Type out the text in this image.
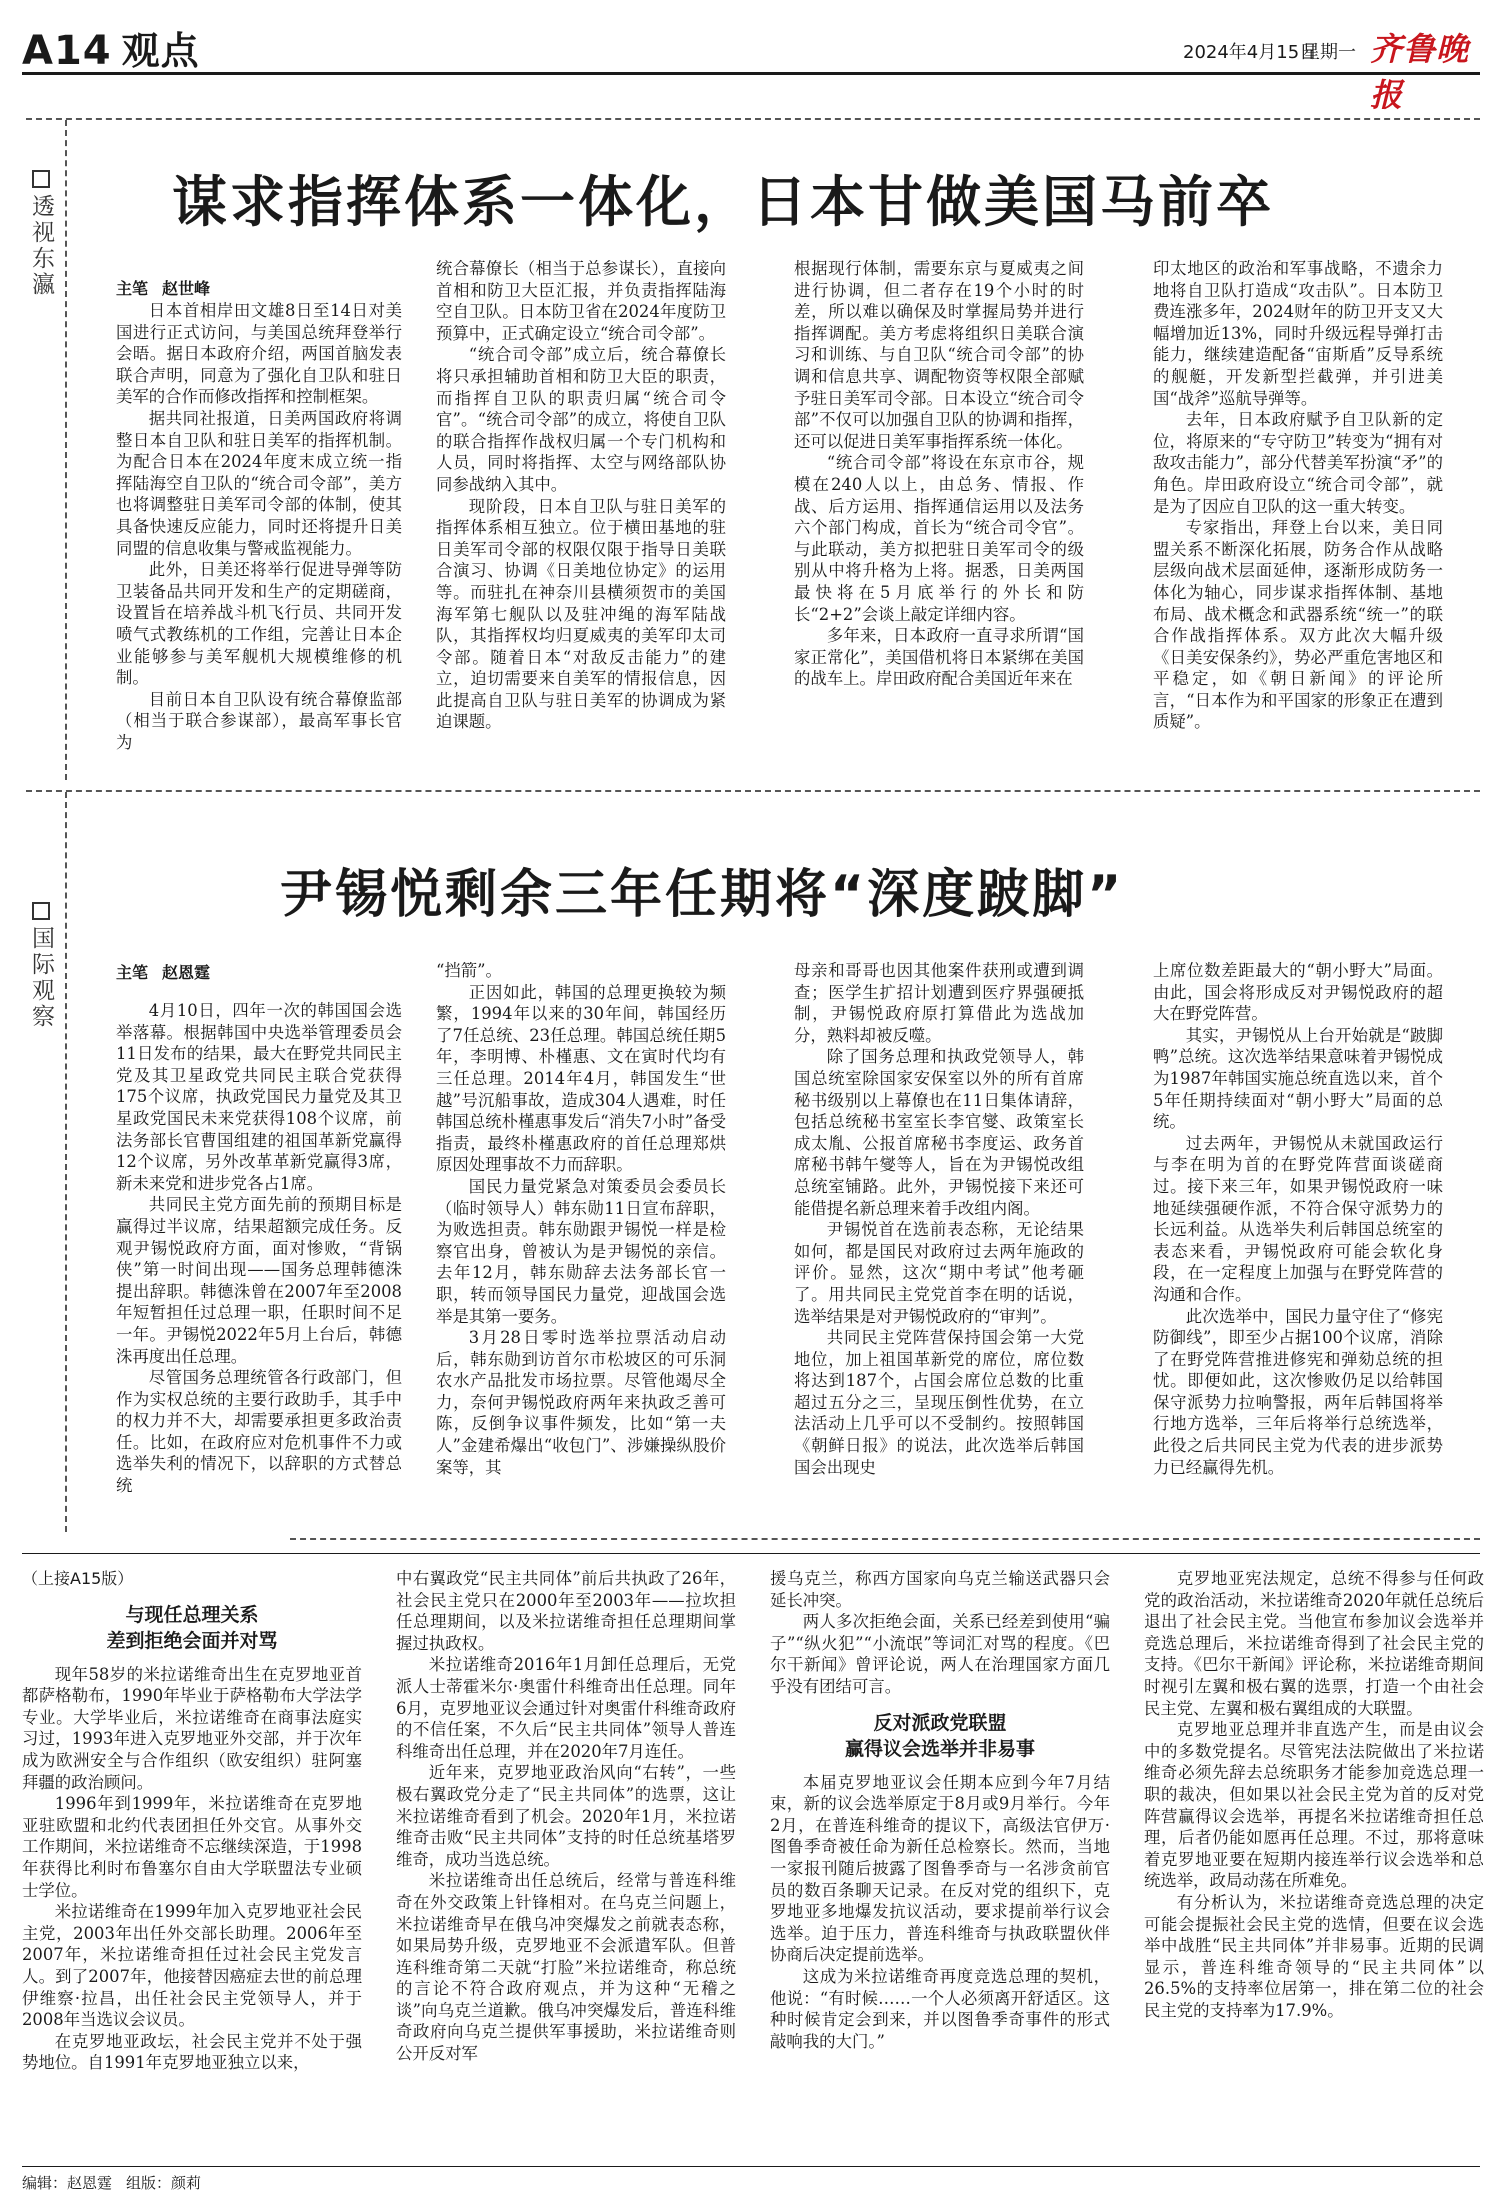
A14 观点	2024年4月15日
星期一 齐鲁晚报
透视东瀛 谋求指挥体系一体化，日本甘做美国马前卒
主笔 赵世峰

日本首相岸田文雄8日至14日对美国进行正式访问，与美国总统拜登举行会晤。据日本政府介绍，两国首脑发表联合声明，同意为了强化自卫队和驻日美军的合作而修改指挥和控制框架。

据共同社报道，日美两国政府将调整日本自卫队和驻日美军的指挥机制。为配合日本在2024年度末成立统一指挥陆海空自卫队的“统合司令部”，美方也将调整驻日美军司令部的体制，使其具备快速反应能力，同时还将提升日美同盟的信息收集与警戒监视能力。

此外，日美还将举行促进导弹等防卫装备品共同开发和生产的定期磋商，设置旨在培养战斗机飞行员、共同开发喷气式教练机的工作组，完善让日本企业能够参与美军舰机大规模维修的机制。

目前日本自卫队设有统合幕僚监部（相当于联合参谋部），最高军事长官为

统合幕僚长（相当于总参谋长），直接向首相和防卫大臣汇报，并负责指挥陆海空自卫队。日本防卫省在2024年度防卫预算中，正式确定设立“统合司令部”。

“统合司令部”成立后，统合幕僚长将只承担辅助首相和防卫大臣的职责，而指挥自卫队的职责归属“统合司令官”。“统合司令部”的成立，将使自卫队的联合指挥作战权归属一个专门机构和人员，同时将指挥、太空与网络部队协同参战纳入其中。

现阶段，日本自卫队与驻日美军的指挥体系相互独立。位于横田基地的驻日美军司令部的权限仅限于指导日美联合演习、协调《日美地位协定》的运用等。而驻扎在神奈川县横须贺市的美国海军第七舰队以及驻冲绳的海军陆战队，其指挥权均归夏威夷的美军印太司令部。随着日本“对敌反击能力”的建立，迫切需要来自美军的情报信息，因此提高自卫队与驻日美军的协调成为紧迫课题。

根据现行体制，需要东京与夏威夷之间进行协调，但二者存在19个小时的时差，所以难以确保及时掌握局势并进行指挥调配。美方考虑将组织日美联合演习和训练、与自卫队“统合司令部”的协调和信息共享、调配物资等权限全部赋予驻日美军司令部。日本设立“统合司令部”不仅可以加强自卫队的协调和指挥，还可以促进日美军事指挥系统一体化。

“统合司令部”将设在东京市谷，规模在240人以上，由总务、情报、作战、后方运用、指挥通信运用以及法务六个部门构成，首长为“统合司令官”。与此联动，美方拟把驻日美军司令的级别从中将升格为上将。据悉，日美两国最快将在5月底举行的外长和防长“2+2”会谈上敲定详细内容。

多年来，日本政府一直寻求所谓“国家正常化”，美国借机将日本紧绑在美国的战车上。岸田政府配合美国近年来在

印太地区的政治和军事战略，不遗余力地将自卫队打造成“攻击队”。日本防卫费连涨多年，2024财年的防卫开支又大幅增加近13%，同时升级远程导弹打击能力，继续建造配备“宙斯盾”反导系统的舰艇，开发新型拦截弹，并引进美国“战斧”巡航导弹等。

去年，日本政府赋予自卫队新的定位，将原来的“专守防卫”转变为“拥有对敌攻击能力”，部分代替美军扮演“矛”的角色。岸田政府设立“统合司令部”，就是为了因应自卫队的这一重大转变。

专家指出，拜登上台以来，美日同盟关系不断深化拓展，防务合作从战略层级向战术层面延伸，逐渐形成防务一体化为轴心，同步谋求指挥体制、基地布局、战术概念和武器系统“统一”的联合作战指挥体系。双方此次大幅升级《日美安保条约》，势必严重危害地区和平稳定，如《朝日新闻》的评论所言，“日本作为和平国家的形象正在遭到质疑”。

国际观察
尹锡悦剩余三年任期将“深度跛脚”
主笔 赵恩霆

4月10日，四年一次的韩国国会选举落幕。根据韩国中央选举管理委员会11日发布的结果，最大在野党共同民主党及其卫星政党共同民主联合党获得175个议席，执政党国民力量党及其卫星政党国民未来党获得108个议席，前法务部长官曹国组建的祖国革新党赢得12个议席，另外改革革新党赢得3席，新未来党和进步党各占1席。

共同民主党方面先前的预期目标是赢得过半议席，结果超额完成任务。反观尹锡悦政府方面，面对惨败，“背锅侠”第一时间出现——国务总理韩德洙提出辞职。韩德洙曾在2007年至2008年短暂担任过总理一职，任职时间不足一年。尹锡悦2022年5月上台后，韩德洙再度出任总理。

尽管国务总理统管各行政部门，但作为实权总统的主要行政助手，其手中的权力并不大，却需要承担更多政治责任。比如，在政府应对危机事件不力或选举失利的情况下，以辞职的方式替总统

“挡箭”。

正因如此，韩国的总理更换较为频繁，1994年以来的30年间，韩国经历了7任总统、23任总理。韩国总统任期5年，李明博、朴槿惠、文在寅时代均有三任总理。2014年4月，韩国发生“世越”号沉船事故，造成304人遇难，时任韩国总统朴槿惠事发后“消失7小时”备受指责，最终朴槿惠政府的首任总理郑烘原因处理事故不力而辞职。

国民力量党紧急对策委员会委员长（临时领导人）韩东勋11日宣布辞职，为败选担责。韩东勋跟尹锡悦一样是检察官出身，曾被认为是尹锡悦的亲信。去年12月，韩东勋辞去法务部长官一职，转而领导国民力量党，迎战国会选举是其第一要务。

3月28日零时选举拉票活动启动后，韩东勋到访首尔市松坡区的可乐洞农水产品批发市场拉票。尽管他竭尽全力，奈何尹锡悦政府两年来执政乏善可陈，反倒争议事件频发，比如“第一夫人”金建希爆出“收包门”、涉嫌操纵股价案等，其

母亲和哥哥也因其他案件获刑或遭到调查；医学生扩招计划遭到医疗界强硬抵制，尹锡悦政府原打算借此为选战加分，熟料却被反噬。

除了国务总理和执政党领导人，韩国总统室除国家安保室以外的所有首席秘书级别以上幕僚也在11日集体请辞，包括总统秘书室室长李官燮、政策室长成太胤、公报首席秘书李度运、政务首席秘书韩午燮等人，旨在为尹锡悦改组总统室铺路。此外，尹锡悦接下来还可能借提名新总理来着手改组内阁。

尹锡悦首在选前表态称，无论结果如何，都是国民对政府过去两年施政的评价。显然，这次“期中考试”他考砸了。用共同民主党党首李在明的话说，选举结果是对尹锡悦政府的“审判”。

共同民主党阵营保持国会第一大党地位，加上祖国革新党的席位，席位数将达到187个，占国会席位总数的比重超过五分之三，呈现压倒性优势，在立法活动上几乎可以不受制约。按照韩国《朝鲜日报》的说法，此次选举后韩国国会出现史

上席位数差距最大的“朝小野大”局面。由此，国会将形成反对尹锡悦政府的超大在野党阵营。

其实，尹锡悦从上台开始就是“跛脚鸭”总统。这次选举结果意味着尹锡悦成为1987年韩国实施总统直选以来，首个5年任期持续面对“朝小野大”局面的总统。

过去两年，尹锡悦从未就国政运行与李在明为首的在野党阵营面谈磋商过。接下来三年，如果尹锡悦政府一味地延续强硬作派，不符合保守派势力的长远利益。从选举失利后韩国总统室的表态来看，尹锡悦政府可能会软化身段，在一定程度上加强与在野党阵营的沟通和合作。

此次选举中，国民力量守住了“修宪防御线”，即至少占据100个议席，消除了在野党阵营推进修宪和弹劾总统的担忧。即便如此，这次惨败仍足以给韩国保守派势力拉响警报，两年后韩国将举行地方选举，三年后将举行总统选举，此役之后共同民主党为代表的进步派势力已经赢得先机。

（上接A15版）

与现任总理关系

差到拒绝会面并对骂

现年58岁的米拉诺维奇出生在克罗地亚首都萨格勒布，1990年毕业于萨格勒布大学法学专业。大学毕业后，米拉诺维奇在商事法庭实习过，1993年进入克罗地亚外交部，并于次年成为欧洲安全与合作组织（欧安组织）驻阿塞拜疆的政治顾问。

1996年到1999年，米拉诺维奇在克罗地亚驻欧盟和北约代表团担任外交官。从事外交工作期间，米拉诺维奇不忘继续深造，于1998年获得比利时布鲁塞尔自由大学联盟法专业硕士学位。

米拉诺维奇在1999年加入克罗地亚社会民主党，2003年出任外交部长助理。2006年至2007年，米拉诺维奇担任过社会民主党发言人。到了2007年，他接替因癌症去世的前总理伊维察·拉昌，出任社会民主党领导人，并于2008年当选议会议员。

在克罗地亚政坛，社会民主党并不处于强势地位。自1991年克罗地亚独立以来，

中右翼政党“民主共同体”前后共执政了26年，社会民主党只在2000年至2003年——拉坎担任总理期间，以及米拉诺维奇担任总理期间掌握过执政权。

米拉诺维奇2016年1月卸任总理后，无党派人士蒂霍米尔·奥雷什科维奇出任总理。同年6月，克罗地亚议会通过针对奥雷什科维奇政府的不信任案，不久后“民主共同体”领导人普连科维奇出任总理，并在2020年7月连任。

近年来，克罗地亚政治风向“右转”，一些极右翼政党分走了“民主共同体”的选票，这让米拉诺维奇看到了机会。2020年1月，米拉诺维奇击败“民主共同体”支持的时任总统基塔罗维奇，成功当选总统。

米拉诺维奇出任总统后，经常与普连科维奇在外交政策上针锋相对。在乌克兰问题上，米拉诺维奇早在俄乌冲突爆发之前就表态称，如果局势升级，克罗地亚不会派遣军队。但普连科维奇第二天就“打脸”米拉诺维奇，称总统的言论不符合政府观点，并为这种“无稽之谈”向乌克兰道歉。俄乌冲突爆发后，普连科维奇政府向乌克兰提供军事援助，米拉诺维奇则公开反对军

援乌克兰，称西方国家向乌克兰输送武器只会延长冲突。

两人多次拒绝会面，关系已经差到使用“骗子”“纵火犯”“小流氓”等词汇对骂的程度。《巴尔干新闻》曾评论说，两人在治理国家方面几乎没有团结可言。

反对派政党联盟

赢得议会选举并非易事

本届克罗地亚议会任期本应到今年7月结束，新的议会选举原定于8月或9月举行。今年2月，在普连科维奇的提议下，高级法官伊万·图鲁季奇被任命为新任总检察长。然而，当地一家报刊随后披露了图鲁季奇与一名涉贪前官员的数百条聊天记录。在反对党的组织下，克罗地亚多地爆发抗议活动，要求提前举行议会选举。迫于压力，普连科维奇与执政联盟伙伴协商后决定提前选举。

这成为米拉诺维奇再度竞选总理的契机，他说：“有时候……一个人必须离开舒适区。这种时候肯定会到来，并以图鲁季奇事件的形式敲响我的大门。”

克罗地亚宪法规定，总统不得参与任何政党的政治活动，米拉诺维奇2020年就任总统后退出了社会民主党。当他宣布参加议会选举并竞选总理后，米拉诺维奇得到了社会民主党的支持。《巴尔干新闻》评论称，米拉诺维奇期间时视引左翼和极右翼的选票，打造一个由社会民主党、左翼和极右翼组成的大联盟。

克罗地亚总理并非直选产生，而是由议会中的多数党提名。尽管宪法法院做出了米拉诺维奇必须先辞去总统职务才能参加竞选总理一职的裁决，但如果以社会民主党为首的反对党阵营赢得议会选举，再提名米拉诺维奇担任总理，后者仍能如愿再任总理。不过，那将意味着克罗地亚要在短期内接连举行议会选举和总统选举，政局动荡在所难免。

有分析认为，米拉诺维奇竞选总理的决定可能会提振社会民主党的选情，但要在议会选举中战胜“民主共同体”并非易事。近期的民调显示，普连科维奇领导的“民主共同体”以26.5%的支持率位居第一，排在第二位的社会民主党的支持率为17.9%。

编辑：赵恩霆 组版：颜莉
